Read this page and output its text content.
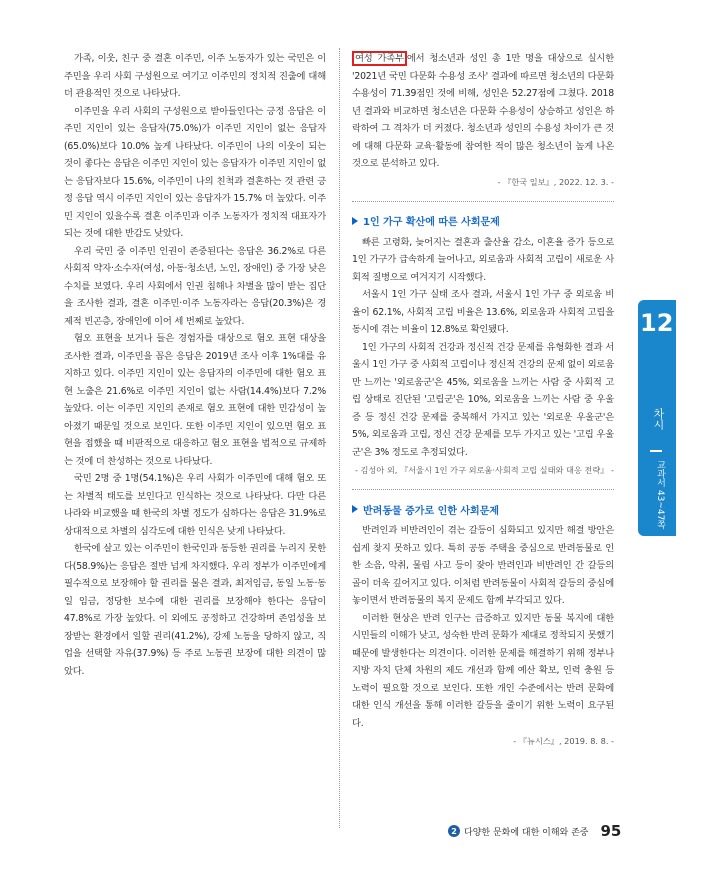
가족, 이웃, 친구 중 결혼 이주민, 이주 노동자가 있는 국민은 이주민을 우리 사회 구성원으로 여기고 이주민의 정치적 진출에 대해 더 관용적인 것으로 나타났다.

이주민을 우리 사회의 구성원으로 받아들인다는 긍정 응답은 이주민 지인이 있는 응답자(75.0%)가 이주민 지인이 없는 응답자(65.0%)보다 10.0% 높게 나타났다. 이주민이 나의 이웃이 되는 것이 좋다는 응답은 이주민 지인이 있는 응답자가 이주민 지인이 없는 응답자보다 15.6%, 이주민이 나의 친척과 결혼하는 것 관련 긍정 응답 역시 이주민 지인이 있는 응답자가 15.7% 더 높았다. 이주민 지인이 있을수록 결혼 이주민과 이주 노동자가 정치적 대표자가 되는 것에 대한 반감도 낮았다.

우리 국민 중 이주민 인권이 존중된다는 응답은 36.2%로 다른 사회적 약자·소수자(여성, 아동·청소년, 노인, 장애인) 중 가장 낮은 수치를 보였다. 우리 사회에서 인권 침해나 차별을 많이 받는 집단을 조사한 결과, 결혼 이주민·이주 노동자라는 응답(20.3%)은 경제적 빈곤층, 장애인에 이어 세 번째로 높았다.

혐오 표현을 보거나 들은 경험자를 대상으로 혐오 표현 대상을 조사한 결과, 이주민을 꼽은 응답은 2019년 조사 이후 1%대를 유지하고 있다. 이주민 지인이 있는 응답자의 이주민에 대한 혐오 표현 노출은 21.6%로 이주민 지인이 없는 사람(14.4%)보다 7.2% 높았다. 이는 이주민 지인의 존재로 혐오 표현에 대한 민감성이 높아졌기 때문일 것으로 보인다. 또한 이주민 지인이 있으면 혐오 표현을 접했을 때 비판적으로 대응하고 혐오 표현을 법적으로 규제하는 것에 더 찬성하는 것으로 나타났다.

국민 2명 중 1명(54.1%)은 우리 사회가 이주민에 대해 혐오 또는 차별적 태도를 보인다고 인식하는 것으로 나타났다. 다만 다른 나라와 비교했을 때 한국의 차별 정도가 심하다는 응답은 31.9%로 상대적으로 차별의 심각도에 대한 인식은 낮게 나타났다.

한국에 살고 있는 이주민이 한국인과 동등한 권리를 누리지 못한다(58.9%)는 응답은 절반 넘게 차지했다. 우리 정부가 이주민에게 필수적으로 보장해야 할 권리를 물은 결과, 최저임금, 동일 노동·동일 임금, 정당한 보수에 대한 권리를 보장해야 한다는 응답이 47.8%로 가장 높았다. 이 외에도 공정하고 건강하며 존엄성을 보장받는 환경에서 일할 권리(41.2%), 강제 노동을 당하지 않고, 직업을 선택할 자유(37.9%) 등 주로 노동권 보장에 대한 의견이 많았다.

여성 가족부 에서 청소년과 성인 총 1만 명을 대상으로 실시한 '2021년 국민 다문화 수용성 조사' 결과에 따르면 청소년의 다문화 수용성이 71.39점인 것에 비해, 성인은 52.27점에 그쳤다. 2018년 결과와 비교하면 청소년은 다문화 수용성이 상승하고 성인은 하락하여 그 격차가 더 커졌다. 청소년과 성인의 수용성 차이가 큰 것에 대해 다문화 교육·활동에 참여한 적이 많은 청소년이 높게 나온 것으로 분석하고 있다.

- 『한국 일보』, 2022. 12. 3. -
1인 가구 확산에 따른 사회문제

빠른 고령화, 늦어지는 결혼과 출산율 감소, 이혼율 증가 등으로 1인 가구가 급속하게 늘어나고, 외로움과 사회적 고립이 새로운 사회적 질병으로 여겨지기 시작했다.

서울시 1인 가구 실태 조사 결과, 서울시 1인 가구 중 외로움 비율이 62.1%, 사회적 고립 비율은 13.6%, 외로움과 사회적 고립을 동시에 겪는 비율이 12.8%로 확인됐다.

1인 가구의 사회적 건강과 정신적 건강 문제를 유형화한 결과 서울시 1인 가구 중 사회적 고립이나 정신적 건강의 문제 없이 외로움만 느끼는 '외로움군'은 45%, 외로움을 느끼는 사람 중 사회적 고립 상태로 진단된 '고립군'은 10%, 외로움을 느끼는 사람 중 우울증 등 정신 건강 문제를 중복해서 가지고 있는 '외로운 우울군'은 5%, 외로움과 고립, 정신 건강 문제를 모두 가지고 있는 '고립 우울군'은 3% 정도로 추정되었다.

- 김성아 외, 『서울시 1인 가구 외로움·사회적 고립 실태와 대응 전략』 -
반려동물 증가로 인한 사회문제

반려인과 비반려인이 겪는 갈등이 심화되고 있지만 해결 방안은 쉽게 찾지 못하고 있다. 특히 공동 주택을 중심으로 반려동물로 인한 소음, 악취, 물림 사고 등이 잦아 반려인과 비반려인 간 갈등의 골이 더욱 깊어지고 있다. 이처럼 반려동물이 사회적 갈등의 중심에 놓이면서 반려동물의 복지 문제도 함께 부각되고 있다.

이러한 현상은 반려 인구는 급증하고 있지만 동물 복지에 대한 시민들의 이해가 낮고, 성숙한 반려 문화가 제대로 정착되지 못했기 때문에 발생한다는 의견이다. 이러한 문제를 해결하기 위해 정부나 지방 자치 단체 차원의 제도 개선과 함께 예산 확보, 인력 충원 등 노력이 필요할 것으로 보인다. 또한 개인 수준에서는 반려 문화에 대한 인식 개선을 통해 이러한 갈등을 줄이기 위한 노력이 요구된다.

- 『뉴시스』, 2019. 8. 8. -
12~13
차시
교과서 43~47쪽
2 다양한 문화에 대한 이해와 존중 95
